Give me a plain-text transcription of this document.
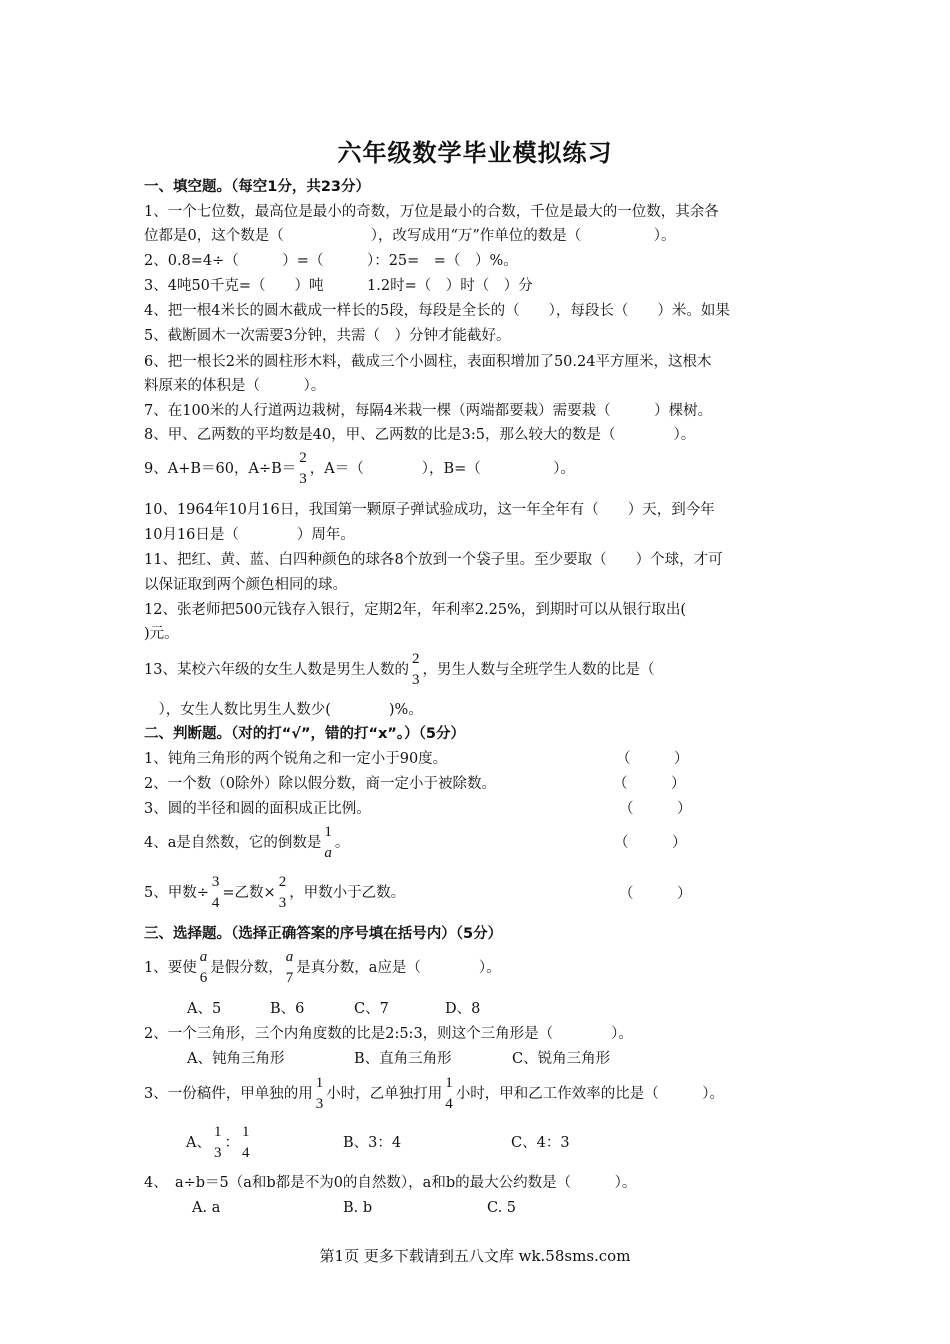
六年级数学毕业模拟练习
一、填空题。（每空1分，共23分）
1、一个七位数，最高位是最小的奇数，万位是最小的合数，千位是最大的一位数，其余各
位都是0，这个数是（　　　　　　），改写成用“万”作单位的数是（　　　　　）。
2、0.8=4÷（　　　）=（　　　）：25=　=（　）%。
3、4吨50千克=（　　）吨　　　1.2时=（　）时（　）分
4、把一根4米长的圆木截成一样长的5段，每段是全长的（　　），每段长（　　）米。如果
5、截断圆木一次需要3分钟，共需（　）分钟才能截好。
6、把一根长2米的圆柱形木料，截成三个小圆柱，表面积增加了50.24平方厘米，这根木
料原来的体积是（　　　）。
7、在100米的人行道两边栽树，每隔4米栽一棵（两端都要栽）需要栽（　　　）棵树。
8、甲、乙两数的平均数是40，甲、乙两数的比是3:5，那么较大的数是（　　　　）。
9、A+B＝60，A÷B＝
2
3
，A＝（　　　　），B=（　　　　　）。
10、1964年10月16日，我国第一颗原子弹试验成功，这一年全年有（　　）天，到今年
10月16日是（　　　　）周年。
11、把红、黄、蓝、白四种颜色的球各8个放到一个袋子里。至少要取（　　）个球，才可
以保证取到两个颜色相同的球。
12、张老师把500元钱存入银行，定期2年，年利率2.25%，到期时可以从银行取出(
)元。
13、某校六年级的女生人数是男生人数的
2
3
，男生人数与全班学生人数的比是（
　），女生人数比男生人数少(　　　　)%。
二、判断题。（对的打“√”，错的打“x”。）（5分）
1、钝角三角形的两个锐角之和一定小于90度。	（　　　）
2、一个数（0除外）除以假分数，商一定小于被除数。	（　　　）
3、圆的半径和圆的面积成正比例。	（　　　）
4、a是自然数，它的倒数是
1
a
。	（　　　）
5、甲数÷
3
4
=乙数×
2
3
，甲数小于乙数。	（　　　）
三、选择题。（选择正确答案的序号填在括号内）（5分）
1、要使
a
6
是假分数，
a
7
是真分数，a应是（　　　　）。
A、5	B、6	C、7	D、8
2、一个三角形，三个内角度数的比是2:5:3，则这个三角形是（　　　　）。
A、钝角三角形	B、直角三角形	C、锐角三角形
3、一份稿件，甲单独的用
1
3
小时，乙单独打用
1
4
小时，甲和乙工作效率的比是（　　　）。
A、
1
3
：
1
4
B、3：4	C、4：3
4、　a÷b＝5（a和b都是不为0的自然数），a和b的最大公约数是（　　　）。
A. a	B. b	C. 5
第1页 更多下载请到五八文库 wk.58sms.com
